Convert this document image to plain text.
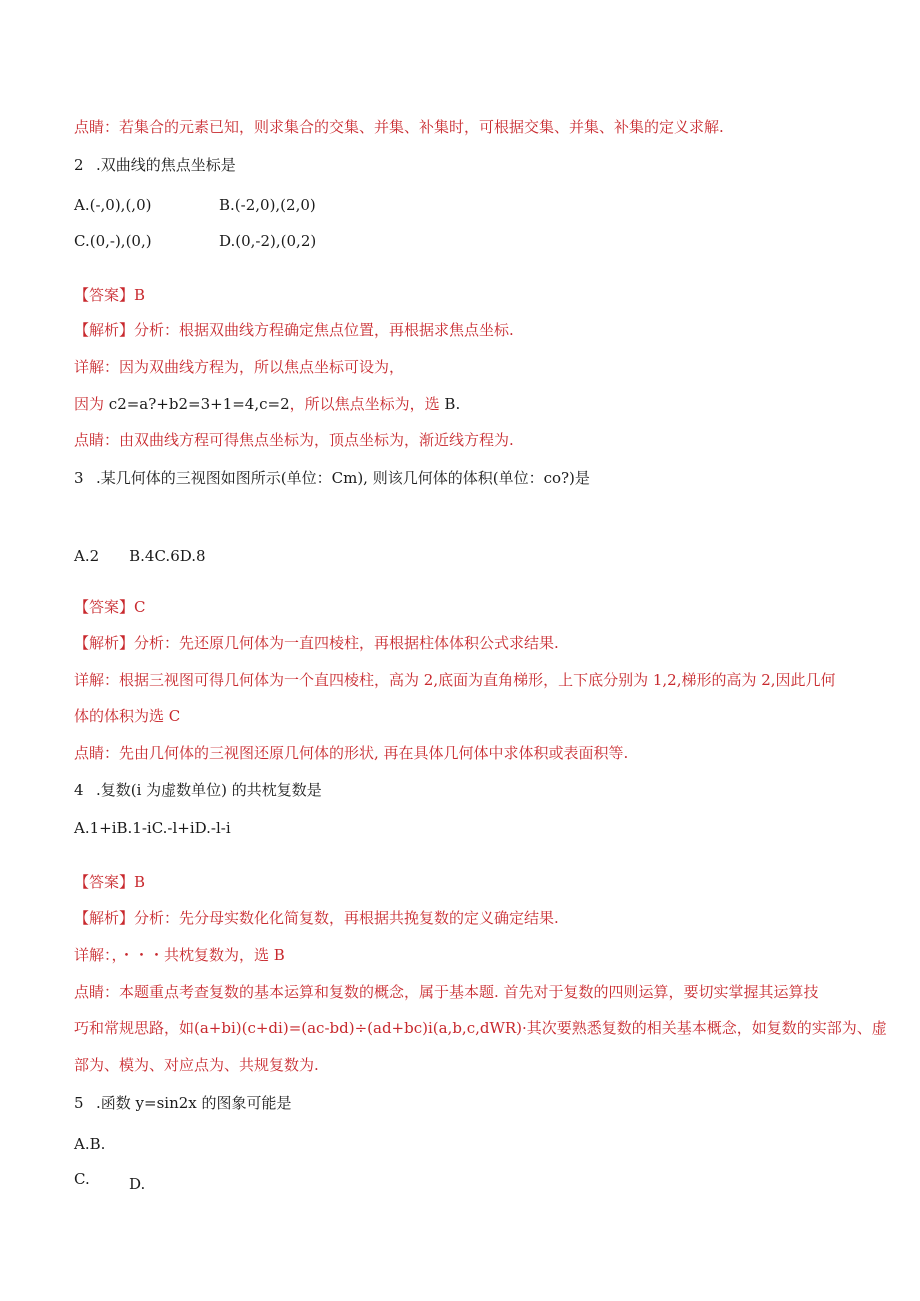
点睛：若集合的元素已知，则求集合的交集、并集、补集时，可根据交集、并集、补集的定义求解.
2 .双曲线的焦点坐标是
A.(-,0),(,0)	B.(-2,0),(2,0)
C.(0,-),(0,)	D.(0,-2),(0,2)
【答案】B
【解析】分析：根据双曲线方程确定焦点位置，再根据求焦点坐标.
详解：因为双曲线方程为，所以焦点坐标可设为，
因为 c2=a?+b2=3+1=4,c=2，所以焦点坐标为，选 B.
点睛：由双曲线方程可得焦点坐标为，顶点坐标为，渐近线方程为.
3 .某几何体的三视图如图所示(单位：Cm), 则该几何体的体积(单位：co?)是
A.2　　B.4C.6D.8
【答案】C
【解析】分析：先还原几何体为一直四棱柱，再根据柱体体积公式求结果.
详解：根据三视图可得几何体为一个直四棱柱，高为 2,底面为直角梯形，上下底分别为 1,2,梯形的高为 2,因此几何
体的体积为选 C
点睛：先由几何体的三视图还原几何体的形状, 再在具体几何体中求体积或表面积等.
4 .复数(i 为虚数单位) 的共枕复数是
A.1+iB.1-iC.-l+iD.-l-i
【答案】B
【解析】分析：先分母实数化化简复数，再根据共挽复数的定义确定结果.
详解：，・・・共枕复数为，选 B
点睛：本题重点考查复数的基本运算和复数的概念，属于基本题. 首先对于复数的四则运算，要切实掌握其运算技
巧和常规思路，如(a+bi)(c+di)=(ac-bd)÷(ad+bc)i(a,b,c,dWR)·其次要熟悉复数的相关基本概念，如复数的实部为、虚
部为、模为、对应点为、共规复数为.
5 .函数 y=sin2x 的图象可能是
A.B.
C.	D.
